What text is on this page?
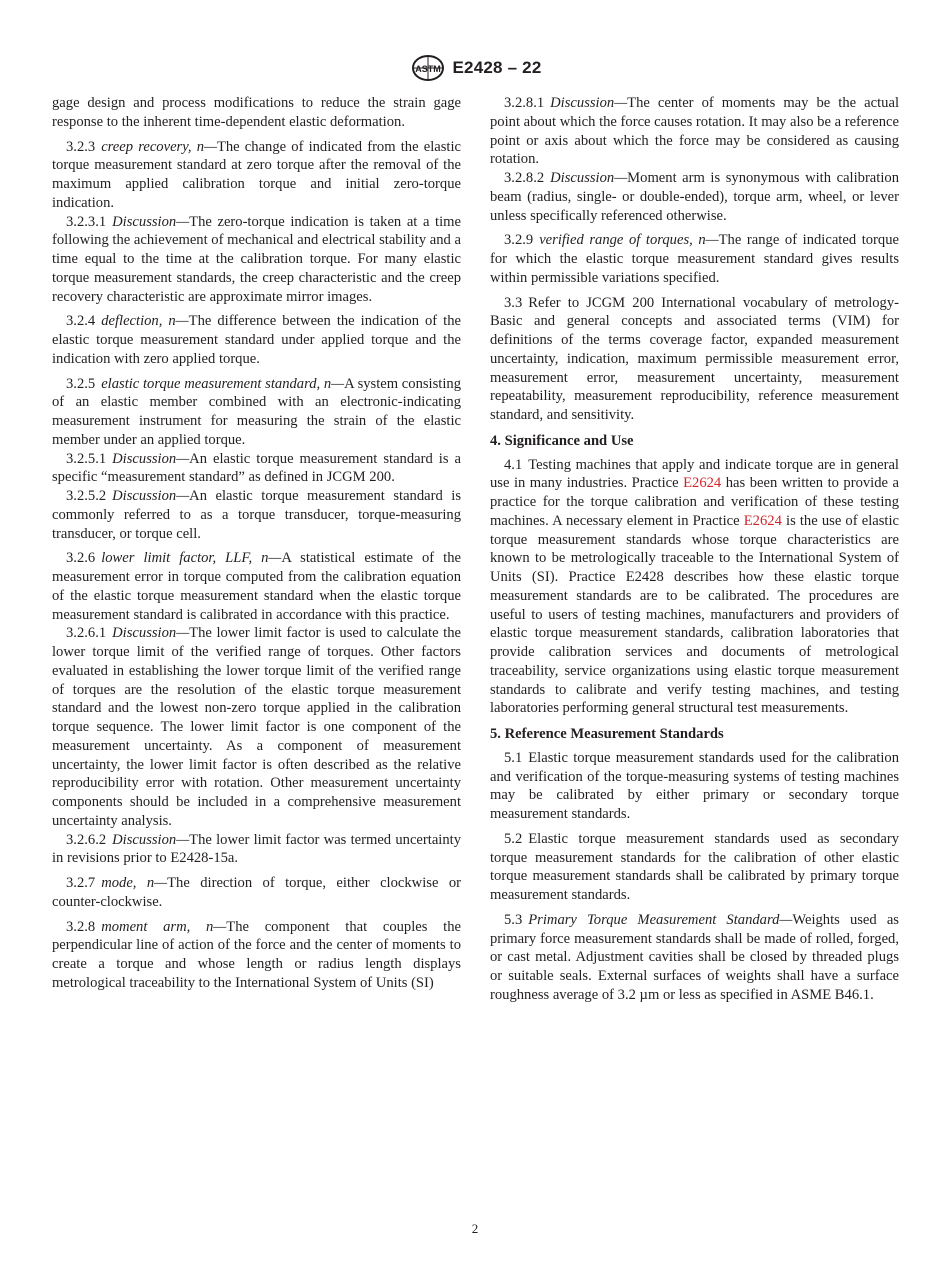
ASTM E2428 – 22

gage design and process modifications to reduce the strain gage response to the inherent time-dependent elastic deformation.

3.2.3 creep recovery, n—The change of indicated from the elastic torque measurement standard at zero torque after the removal of the maximum applied calibration torque and initial zero-torque indication.

3.2.3.1 Discussion—The zero-torque indication is taken at a time following the achievement of mechanical and electrical stability and a time equal to the time at the calibration torque. For many elastic torque measurement standards, the creep characteristic and the creep recovery characteristic are approximate mirror images.

3.2.4 deflection, n—The difference between the indication of the elastic torque measurement standard under applied torque and the indication with zero applied torque.

3.2.5 elastic torque measurement standard, n—A system consisting of an elastic member combined with an electronic-indicating measurement instrument for measuring the strain of the elastic member under an applied torque.

3.2.5.1 Discussion—An elastic torque measurement standard is a specific “measurement standard” as defined in JCGM 200.

3.2.5.2 Discussion—An elastic torque measurement standard is commonly referred to as a torque transducer, torque-measuring transducer, or torque cell.

3.2.6 lower limit factor, LLF, n—A statistical estimate of the measurement error in torque computed from the calibration equation of the elastic torque measurement standard when the elastic torque measurement standard is calibrated in accordance with this practice.

3.2.6.1 Discussion—The lower limit factor is used to calculate the lower torque limit of the verified range of torques. Other factors evaluated in establishing the lower torque limit of the verified range of torques are the resolution of the elastic torque measurement standard and the lowest non-zero torque applied in the calibration torque sequence. The lower limit factor is one component of the measurement uncertainty. As a component of measurement uncertainty, the lower limit factor is often described as the relative reproducibility error with rotation. Other measurement uncertainty components should be included in a comprehensive measurement uncertainty analysis.

3.2.6.2 Discussion—The lower limit factor was termed uncertainty in revisions prior to E2428-15a.

3.2.7 mode, n—The direction of torque, either clockwise or counter-clockwise.

3.2.8 moment arm, n—The component that couples the perpendicular line of action of the force and the center of moments to create a torque and whose length or radius length displays metrological traceability to the International System of Units (SI)

3.2.8.1 Discussion—The center of moments may be the actual point about which the force causes rotation. It may also be a reference point or axis about which the force may be considered as causing rotation.

3.2.8.2 Discussion—Moment arm is synonymous with calibration beam (radius, single- or double-ended), torque arm, wheel, or lever unless specifically referenced otherwise.

3.2.9 verified range of torques, n—The range of indicated torque for which the elastic torque measurement standard gives results within permissible variations specified.

3.3 Refer to JCGM 200 International vocabulary of metrology- Basic and general concepts and associated terms (VIM) for definitions of the terms coverage factor, expanded measurement uncertainty, indication, maximum permissible measurement error, measurement error, measurement uncertainty, measurement repeatability, measurement reproducibility, reference measurement standard, and sensitivity.

4. Significance and Use

4.1 Testing machines that apply and indicate torque are in general use in many industries. Practice E2624 has been written to provide a practice for the torque calibration and verification of these testing machines. A necessary element in Practice E2624 is the use of elastic torque measurement standards whose torque characteristics are known to be metrologically traceable to the International System of Units (SI). Practice E2428 describes how these elastic torque measurement standards are to be calibrated. The procedures are useful to users of testing machines, manufacturers and providers of elastic torque measurement standards, calibration laboratories that provide calibration services and documents of metrological traceability, service organizations using elastic torque measurement standards to calibrate and verify testing machines, and testing laboratories performing general structural test measurements.

5. Reference Measurement Standards

5.1 Elastic torque measurement standards used for the calibration and verification of the torque-measuring systems of testing machines may be calibrated by either primary or secondary torque measurement standards.

5.2 Elastic torque measurement standards used as secondary torque measurement standards for the calibration of other elastic torque measurement standards shall be calibrated by primary torque measurement standards.

5.3 Primary Torque Measurement Standard—Weights used as primary force measurement standards shall be made of rolled, forged, or cast metal. Adjustment cavities shall be closed by threaded plugs or suitable seals. External surfaces of weights shall have a surface roughness average of 3.2 µm or less as specified in ASME B46.1.

2
